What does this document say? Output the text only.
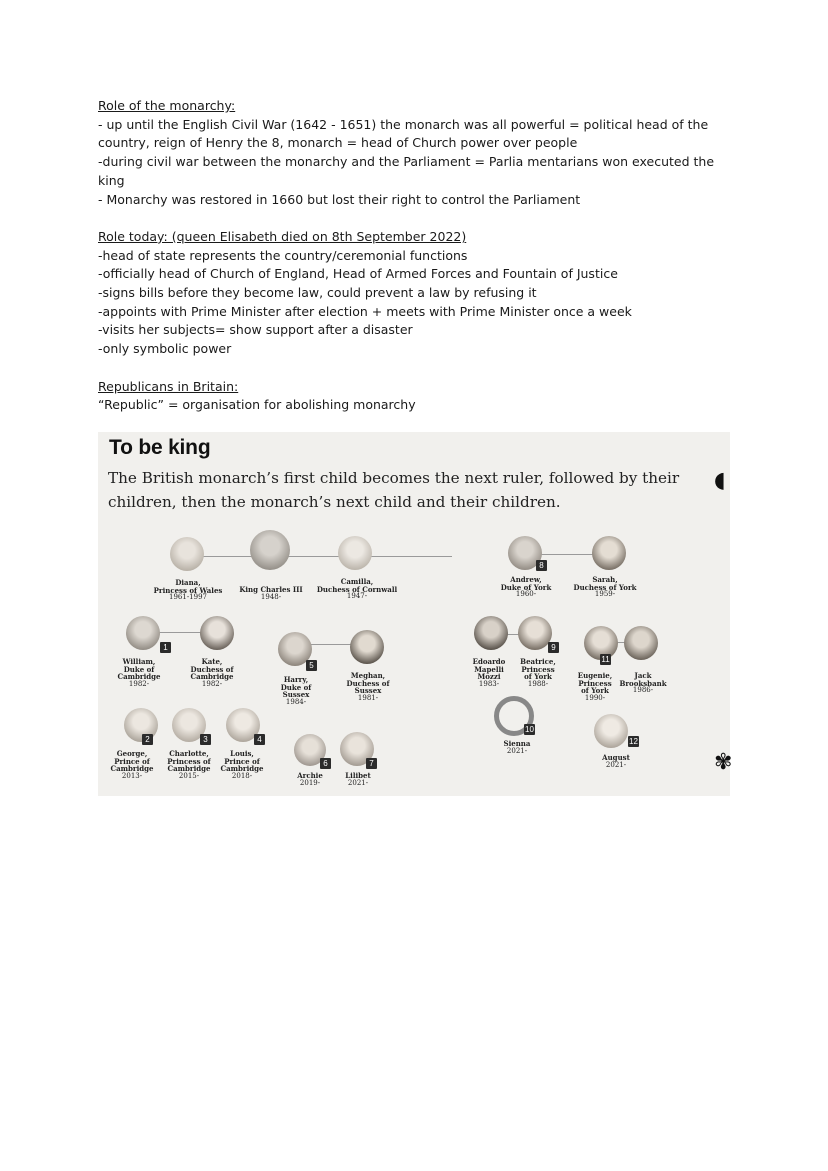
Role of the monarchy:

- up until the English Civil War (1642 - 1651) the monarch was all powerful = political head of the country, reign of Henry the 8, monarch = head of Church power over people

-during civil war between the monarchy and the Parliament = Parlia mentarians won executed the king

- Monarchy was restored in 1660 but lost their right to control the Parliament

Role today: (queen Elisabeth died on 8th September 2022)

-head of state represents the country/ceremonial functions

-officially head of Church of England, Head of Armed Forces and Fountain of Justice

-signs bills before they become law, could prevent a law by refusing it

-appoints with Prime Minister after election + meets with Prime Minister once a week

-visits her subjects= show support after a disaster

-only symbolic power

Republicans in Britain:

“Republic” = organisation for abolishing monarchy

To be king
The British monarch’s first child becomes the next ruler, followed by their children, then the monarch’s next child and their children.
◖
✾
Diana,
Princess of Wales
1961-1997
King Charles III
1948-
Camilla,
Duchess of Cornwall
1947-
8
Andrew,
Duke of York
1960-
Sarah,
Duchess of York
1959-
1
William,
Duke of
Cambridge
1982-
Kate,
Duchess of
Cambridge
1982-
5
Harry,
Duke of
Sussex
1984-
Meghan,
Duchess of
Sussex
1981-
Edoardo
Mapelli
Mozzi
1983-
9
Beatrice,
Princess
of York
1988-
11
Eugenie,
Princess
of York
1990-
Jack
Brooksbank
1986-
2
George,
Prince of
Cambridge
2013-
3
Charlotte,
Princess of
Cambridge
2015-
4
Louis,
Prince of
Cambridge
2018-
6
Archie
2019-
7
Lilibet
2021-
10
Sienna
2021-
12
August
2021-
